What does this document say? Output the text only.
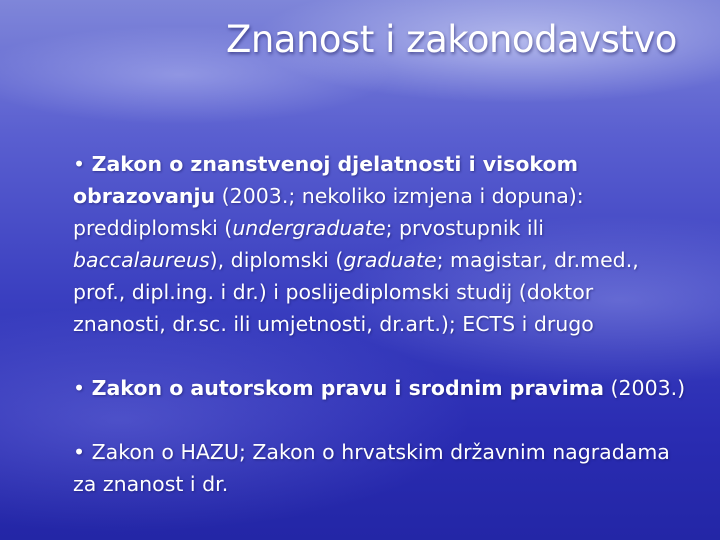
Znanost i zakonodavstvo

• Zakon o znanstvenoj djelatnosti i visokom obrazovanju (2003.; nekoliko izmjena i dopuna): preddiplomski (undergraduate; prvostupnik ili baccalaureus), diplomski (graduate; magistar, dr.med., prof., dipl.ing. i dr.) i poslijediplomski studij (doktor znanosti, dr.sc. ili umjetnosti, dr.art.); ECTS i drugo

• Zakon o autorskom pravu i srodnim pravima (2003.)

• Zakon o HAZU; Zakon o hrvatskim državnim nagradama za znanost i dr.
